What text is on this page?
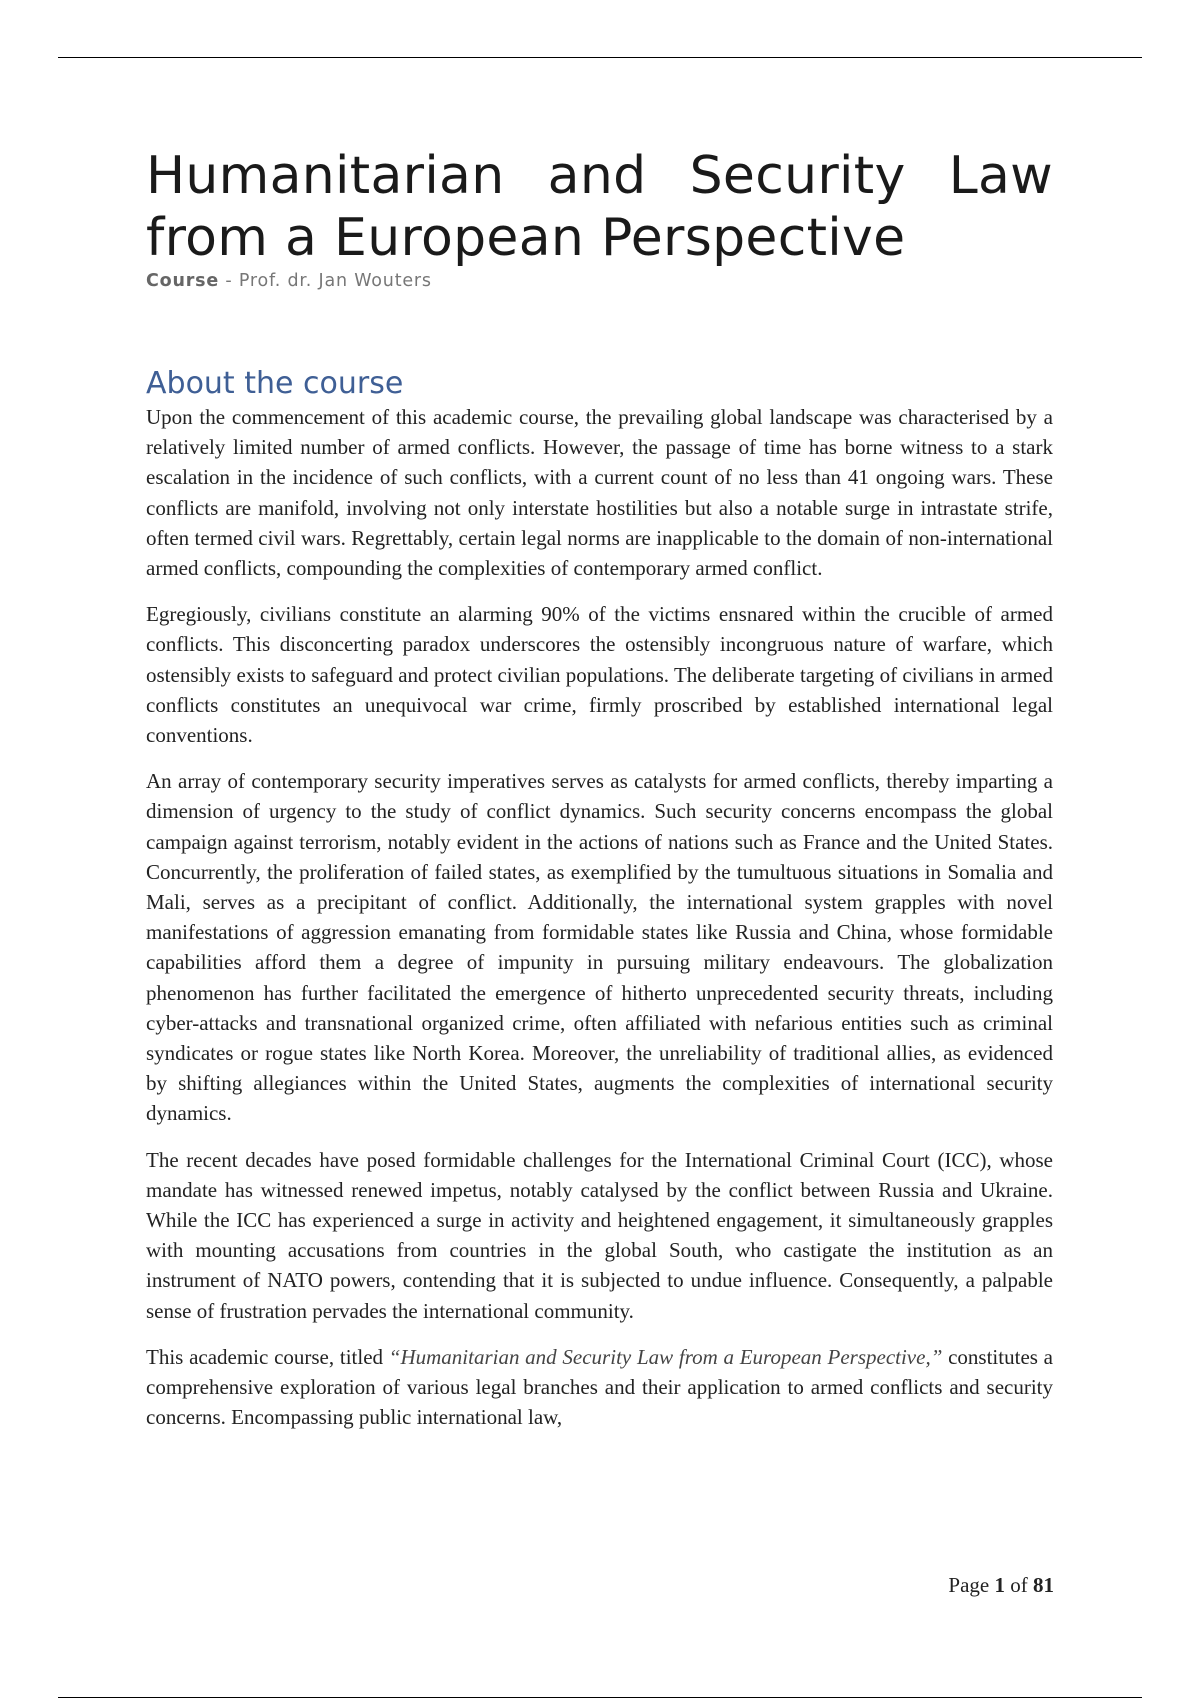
Humanitarian and Security Law from a European Perspective
Course - Prof. dr. Jan Wouters
About the course

Upon the commencement of this academic course, the prevailing global landscape was characterised by a relatively limited number of armed conflicts. However, the passage of time has borne witness to a stark escalation in the incidence of such conflicts, with a current count of no less than 41 ongoing wars. These conflicts are manifold, involving not only interstate hostilities but also a notable surge in intrastate strife, often termed civil wars. Regrettably, certain legal norms are inapplicable to the domain of non-international armed conflicts, compounding the complexities of contemporary armed conflict.

Egregiously, civilians constitute an alarming 90% of the victims ensnared within the crucible of armed conflicts. This disconcerting paradox underscores the ostensibly incongruous nature of warfare, which ostensibly exists to safeguard and protect civilian populations. The deliberate targeting of civilians in armed conflicts constitutes an unequivocal war crime, firmly proscribed by established international legal conventions.

An array of contemporary security imperatives serves as catalysts for armed conflicts, thereby imparting a dimension of urgency to the study of conflict dynamics. Such security concerns encompass the global campaign against terrorism, notably evident in the actions of nations such as France and the United States. Concurrently, the proliferation of failed states, as exemplified by the tumultuous situations in Somalia and Mali, serves as a precipitant of conflict. Additionally, the international system grapples with novel manifestations of aggression emanating from formidable states like Russia and China, whose formidable capabilities afford them a degree of impunity in pursuing military endeavours. The globalization phenomenon has further facilitated the emergence of hitherto unprecedented security threats, including cyber-attacks and transnational organized crime, often affiliated with nefarious entities such as criminal syndicates or rogue states like North Korea. Moreover, the unreliability of traditional allies, as evidenced by shifting allegiances within the United States, augments the complexities of international security dynamics.

The recent decades have posed formidable challenges for the International Criminal Court (ICC), whose mandate has witnessed renewed impetus, notably catalysed by the conflict between Russia and Ukraine. While the ICC has experienced a surge in activity and heightened engagement, it simultaneously grapples with mounting accusations from countries in the global South, who castigate the institution as an instrument of NATO powers, contending that it is subjected to undue influence. Consequently, a palpable sense of frustration pervades the international community.

This academic course, titled “Humanitarian and Security Law from a European Perspective,” constitutes a comprehensive exploration of various legal branches and their application to armed conflicts and security concerns. Encompassing public international law,

Page 1 of 81
